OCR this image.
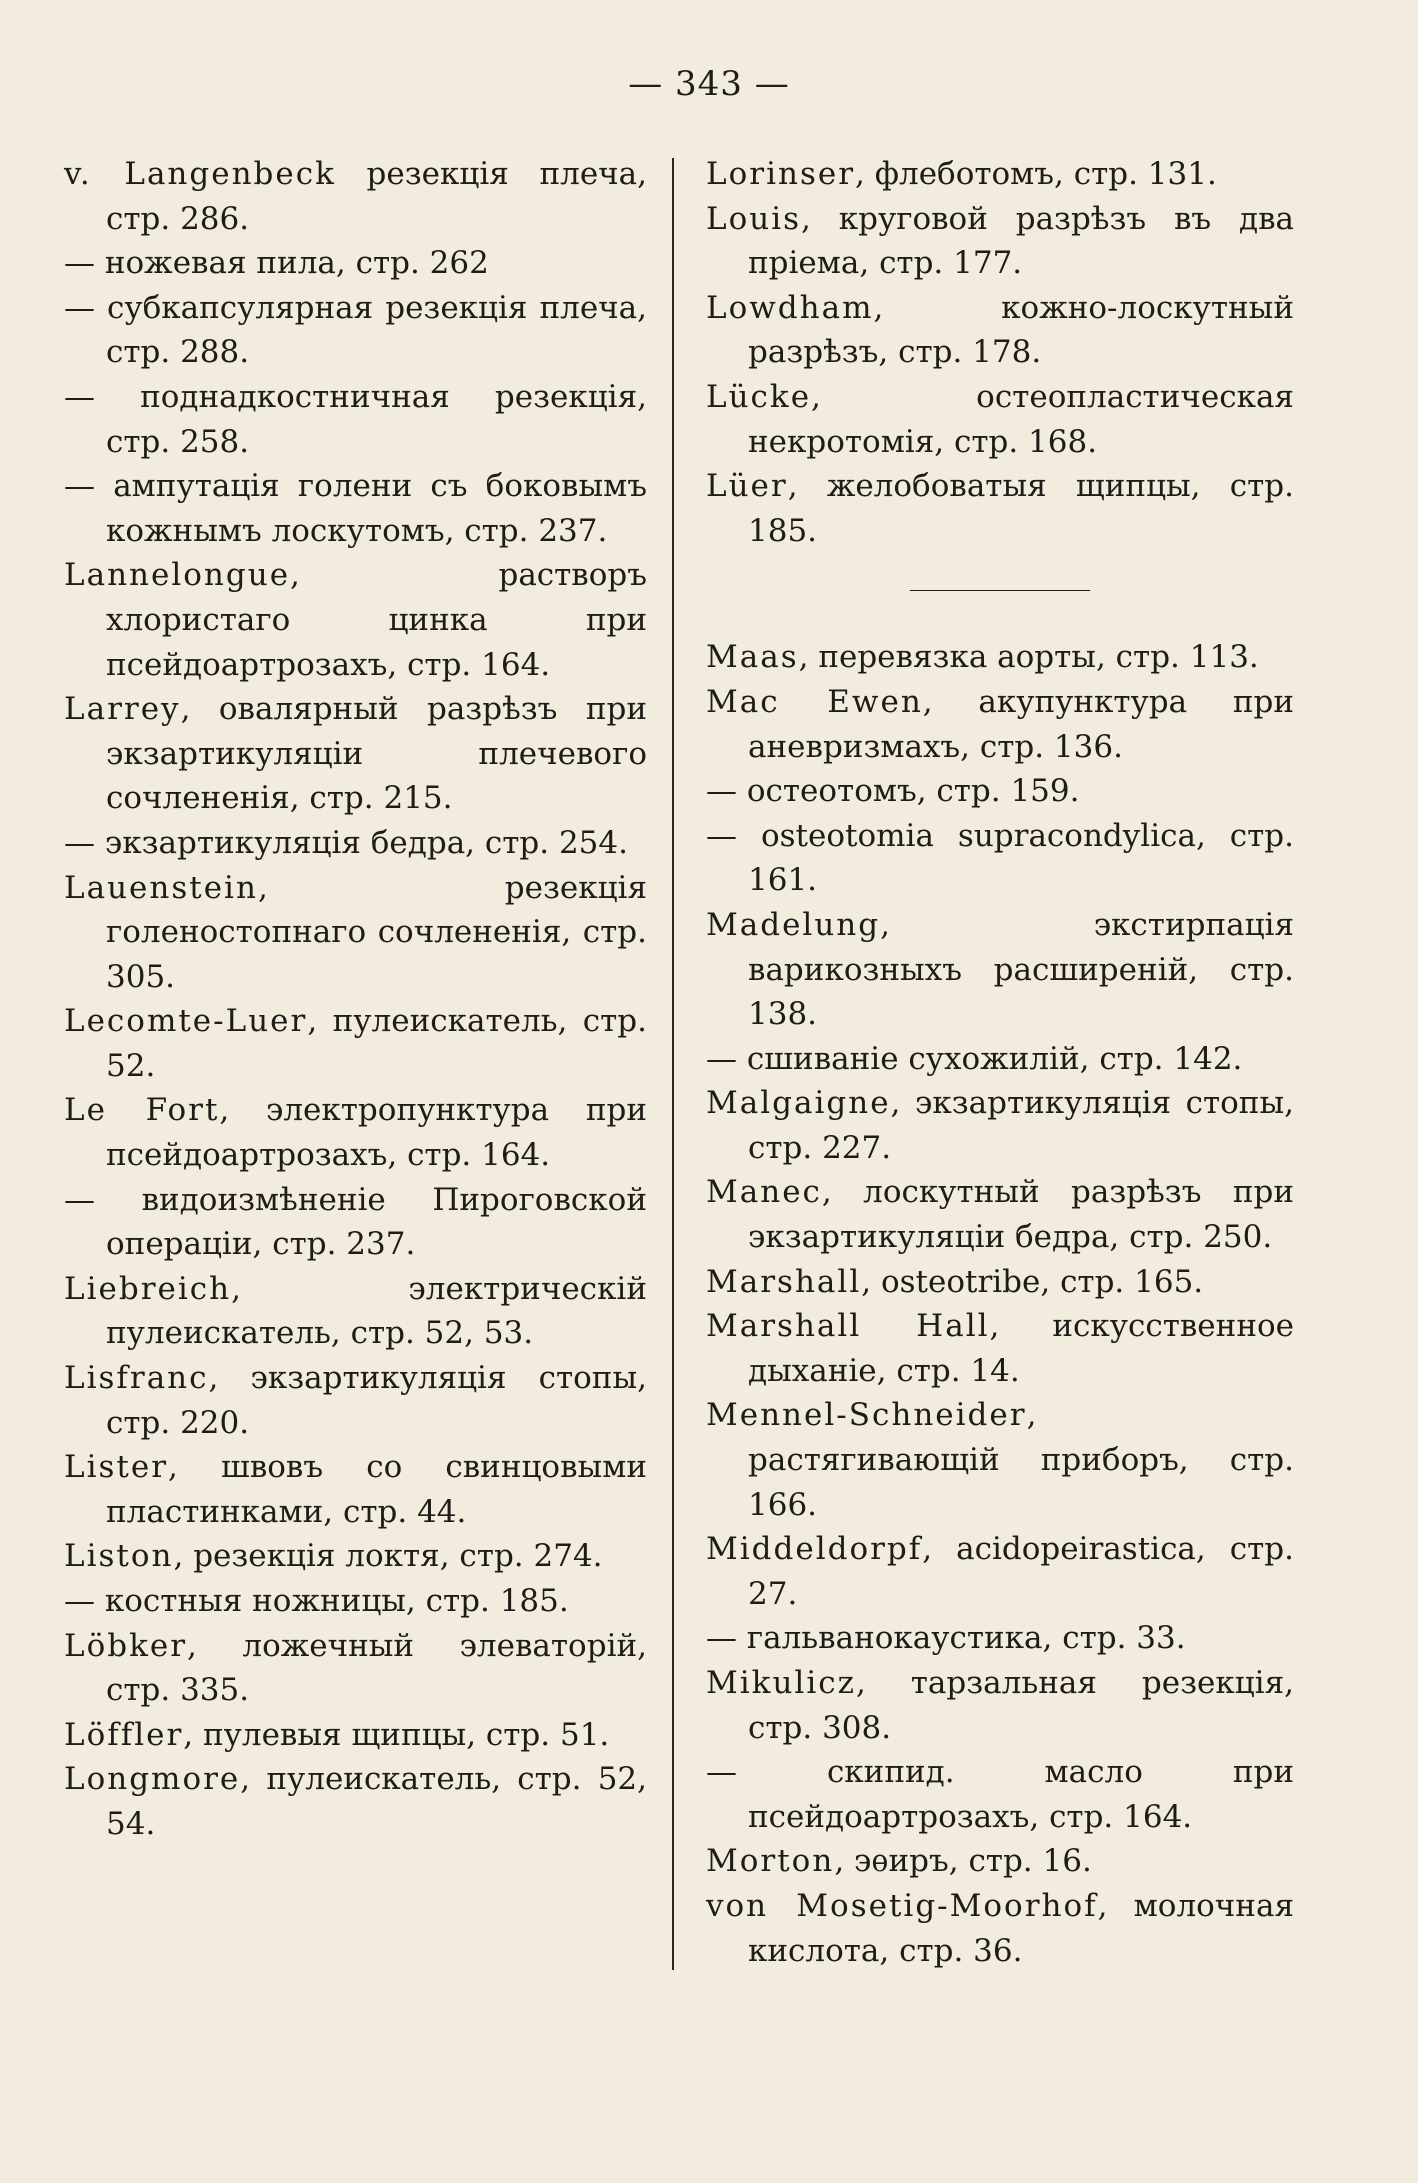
— 343 —

v. Langenbeck резекція плеча, стр. 286.

— ножевая пила, стр. 262

— субкапсулярная резекція плеча, стр. 288.

— поднадкостничная резекція, стр. 258.

— ампутація голени съ боковымъ кожнымъ лоскутомъ, стр. 237.

Lannelongue, растворъ хлористаго цинка при псейдоартрозахъ, стр. 164.

Larrey, овалярный разрѣзъ при экзартикуляціи плечевого сочлененія, стр. 215.

— экзартикуляція бедра, стр. 254.

Lauenstein, резекція голеностопнаго сочлененія, стр. 305.

Lecomte-Luer, пулеискатель, стр. 52.

Le Fort, электропунктура при псейдоартрозахъ, стр. 164.

— видоизмѣненіе Пироговской операціи, стр. 237.

Liebreich, электрическій пулеискатель, стр. 52, 53.

Lisfranc, экзартикуляція стопы, стр. 220.

Lister, швовъ со свинцовыми пластинками, стр. 44.

Liston, резекція локтя, стр. 274.

— костныя ножницы, стр. 185.

Löbker, ложечный элеваторій, стр. 335.

Löffler, пулевыя щипцы, стр. 51.

Longmore, пулеискатель, стр. 52, 54.

Lorinser, флеботомъ, стр. 131.

Louis, круговой разрѣзъ въ два пріема, стр. 177.

Lowdham, кожно-лоскутный разрѣзъ, стр. 178.

Lücke, остеопластическая некротомія, стр. 168.

Lüer, желобоватыя щипцы, стр. 185.

Maas, перевязка аорты, стр. 113.

Mac Ewen, акупунктура при аневризмахъ, стр. 136.

— остеотомъ, стр. 159.

— osteotomia supracondylica, стр. 161.

Madelung, экстирпація варикозныхъ расширеній, стр. 138.

— сшиваніе сухожилій, стр. 142.

Malgaigne, экзартикуляція стопы, стр. 227.

Manec, лоскутный разрѣзъ при экзартикуляціи бедра, стр. 250.

Marshall, osteotribe, стр. 165.

Marshall Hall, искусственное дыханіе, стр. 14.

Mennel-Schneider, растягивающій приборъ, стр. 166.

Middeldorpf, acidopeirastica, стр. 27.

— гальванокаустика, стр. 33.

Mikulicz, тарзальная резекція, стр. 308.

— скипид. масло при псейдоартрозахъ, стр. 164.

Morton, эѳиръ, стр. 16.

von Mosetig-Moorhof, молочная кислота, стр. 36.
